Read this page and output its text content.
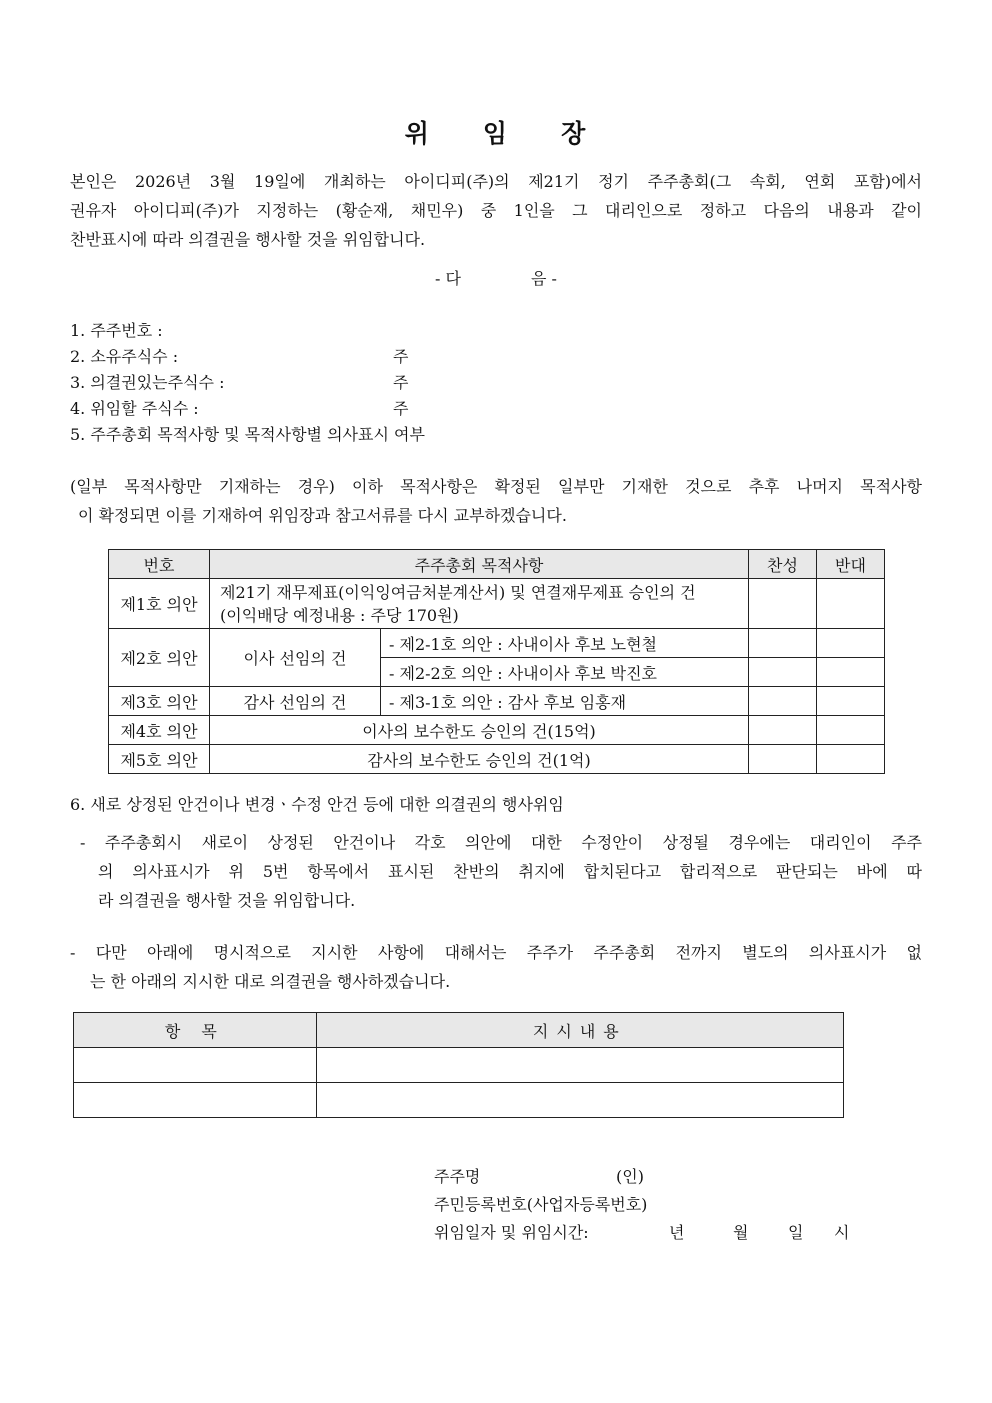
위 임 장
본인은 2026년 3월 19일에 개최하는 아이디피(주)의 제21기 정기 주주총회(그 속회, 연회 포함)에서
권유자 아이디피(주)가 지정하는 (황순재, 채민우) 중 1인을 그 대리인으로 정하고 다음의 내용과 같이
찬반표시에 따라 의결권을 행사할 것을 위임합니다.
- 다	음 -
1. 주주번호 :
2. 소유주식수 :	주
3. 의결권있는주식수 :	주
4. 위임할 주식수 :	주
5. 주주총회 목적사항 및 목적사항별 의사표시 여부
(일부 목적사항만 기재하는 경우) 이하 목적사항은 확정된 일부만 기재한 것으로 추후 나머지 목적사항
이 확정되면 이를 기재하여 위임장과 참고서류를 다시 교부하겠습니다.
번호	주주총회 목적사항		찬성	반대
제1호 의안	제21기 재무제표(이익잉여금처분계산서) 및 연결재무제표 승인의 건
(이익배당 예정내용 : 주당 170원)			

제2호 의안	이사 선임의 건	- 제2-1호 의안 : 사내이사 후보 노현철		
		- 제2-2호 의안 : 사내이사 후보 박진호		
제3호 의안	감사 선임의 건	- 제3-1호 의안 : 감사 후보 임홍재		
제4호 의안	이사의 보수한도 승인의 건(15억)			
제5호 의안	감사의 보수한도 승인의 건(1억)			
6. 새로 상정된 안건이나 변경ㆍ수정 안건 등에 대한 의결권의 행사위임
- 주주총회시 새로이 상정된 안건이나 각호 의안에 대한 수정안이 상정될 경우에는 대리인이 주주
의 의사표시가 위 5번 항목에서 표시된 찬반의 취지에 합치된다고 합리적으로 판단되는 바에 따
라 의결권을 행사할 것을 위임합니다.
- 다만 아래에 명시적으로 지시한 사항에 대해서는 주주가 주주총회 전까지 별도의 의사표시가 없
는 한 아래의 지시한 대로 의결권을 행사하겠습니다.
항 목	지시내용

주주명	(인)
주민등록번호(사업자등록번호)
위임일자 및 위임시간:	년	월 일 시
